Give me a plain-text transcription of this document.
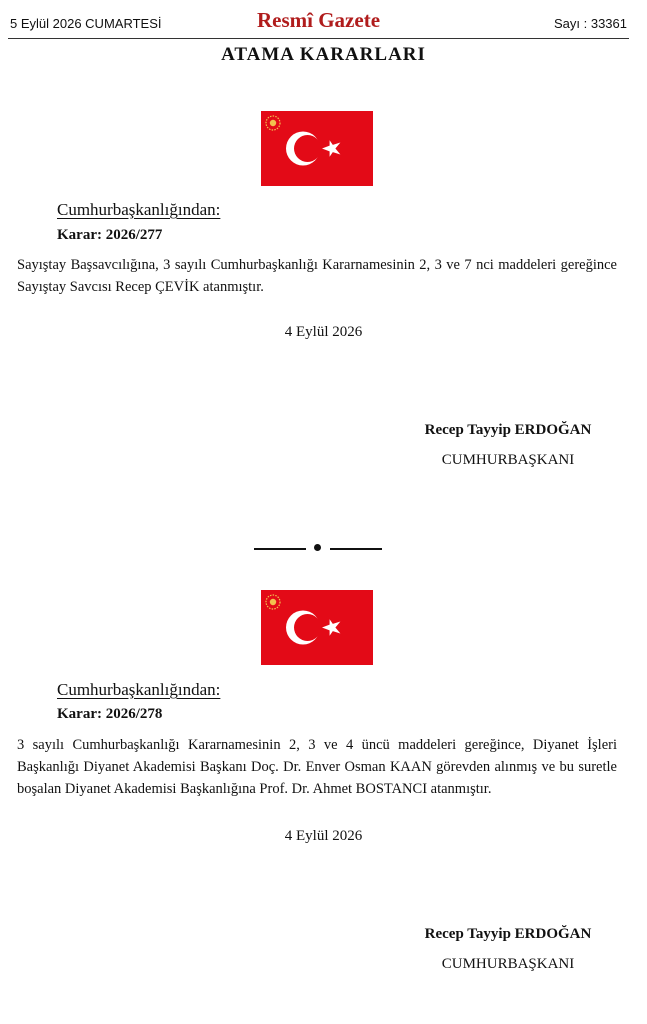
5 Eylül 2026 CUMARTESİ	Resmî Gazete	Sayı : 33361
ATAMA KARARLARI
Cumhurbaşkanlığından:
Karar: 2026/277
Sayıştay Başsavcılığına, 3 sayılı Cumhurbaşkanlığı Kararnamesinin 2, 3 ve 7 nci maddeleri gereğince Sayıştay Savcısı Recep ÇEVİK atanmıştır.
4 Eylül 2026
Recep Tayyip ERDOĞAN
CUMHURBAŞKANI
Cumhurbaşkanlığından:
Karar: 2026/278
3 sayılı Cumhurbaşkanlığı Kararnamesinin 2, 3 ve 4 üncü maddeleri gereğince, Diyanet İşleri Başkanlığı Diyanet Akademisi Başkanı Doç. Dr. Enver Osman KAAN görevden alınmış ve bu suretle boşalan Diyanet Akademisi Başkanlığına Prof. Dr. Ahmet BOSTANCI atanmıştır.
4 Eylül 2026
Recep Tayyip ERDOĞAN
CUMHURBAŞKANI
